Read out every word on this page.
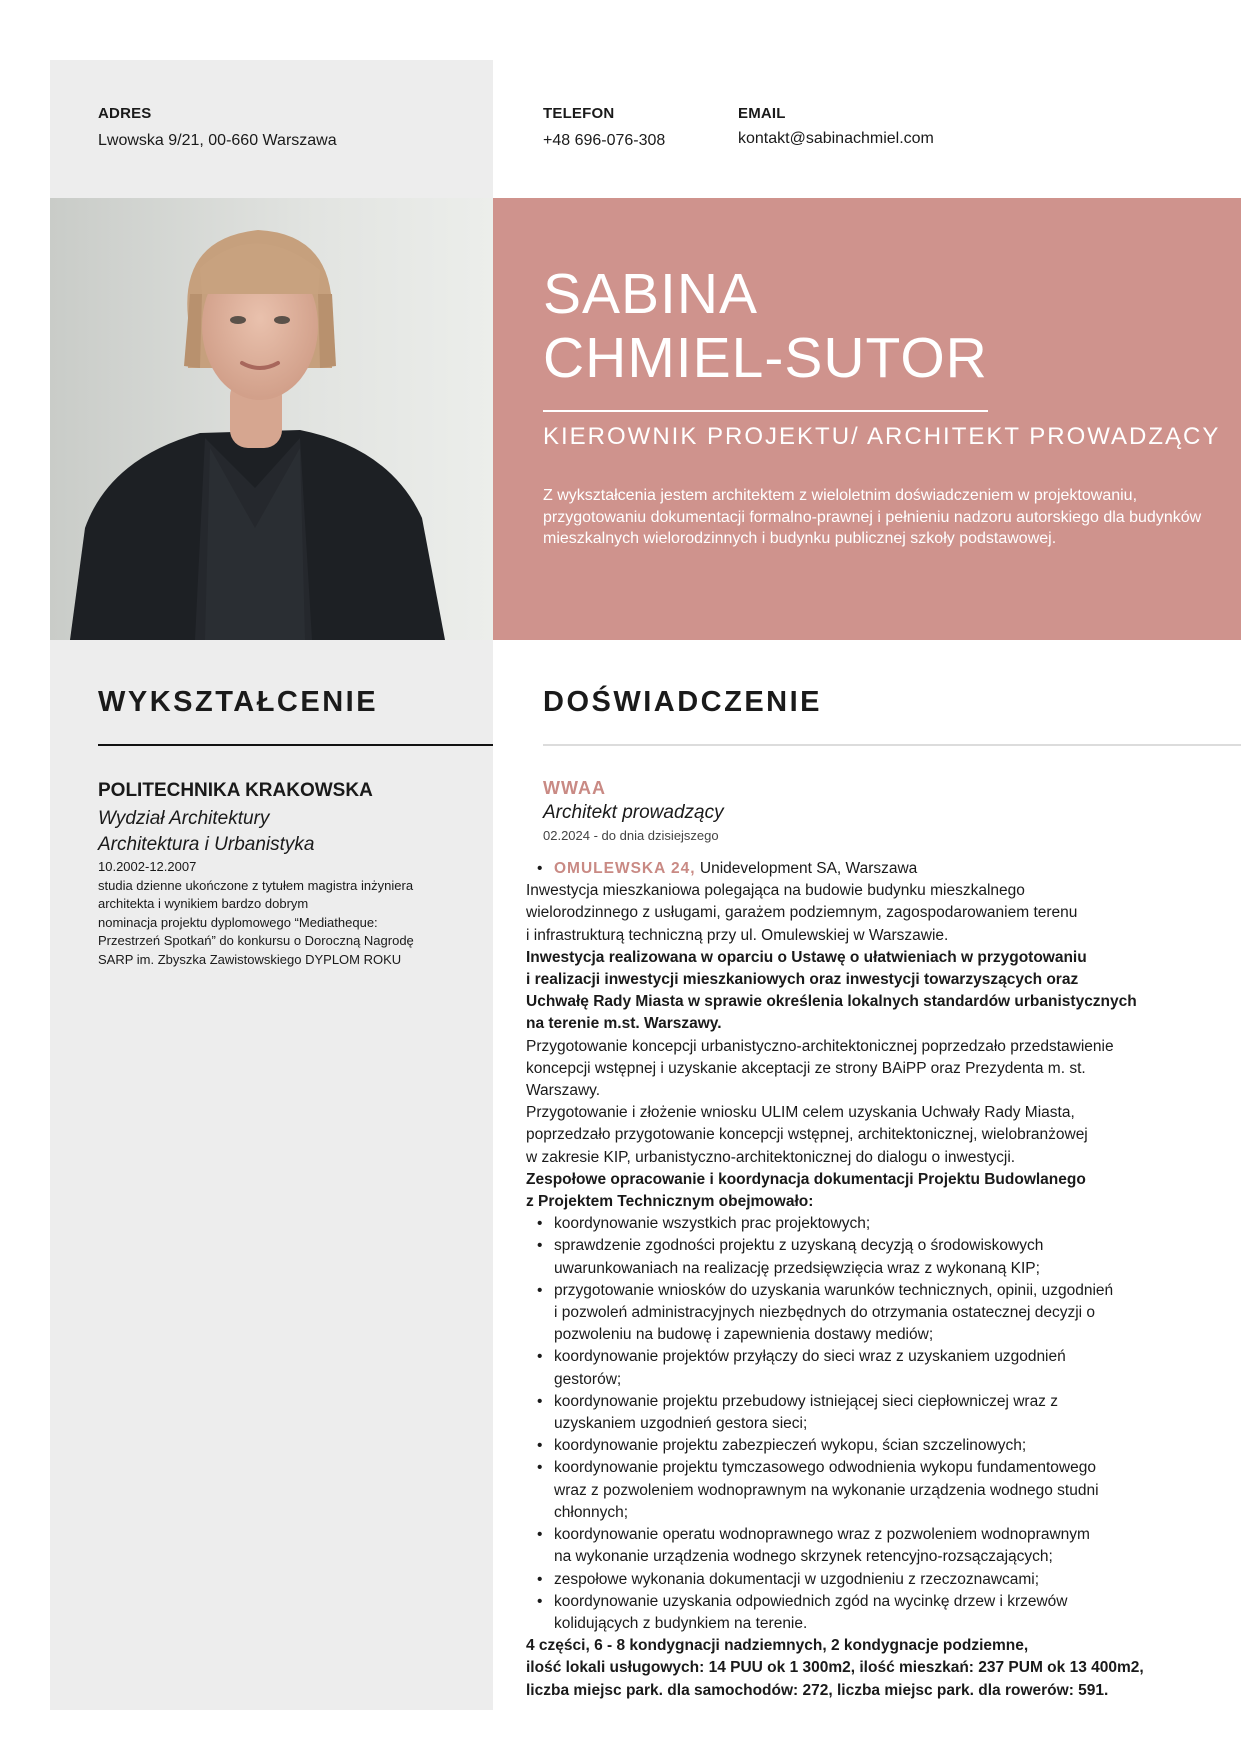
ADRES
Lwowska 9/21, 00-660 Warszawa
TELEFON
+48 696-076-308
EMAIL
kontakt@sabinachmiel.com
SABINA
CHMIEL-SUTOR
KIEROWNIK PROJEKTU/ ARCHITEKT PROWADZĄCY
Z wykształcenia jestem architektem z wieloletnim doświadczeniem w projektowaniu, przygotowaniu dokumentacji formalno-prawnej i pełnieniu nadzoru autorskiego dla budynków mieszkalnych wielorodzinnych i budynku publicznej szkoły podstawowej.
WYKSZTAŁCENIE
POLITECHNIKA KRAKOWSKA
Wydział Architektury
Architektura i Urbanistyka
10.2002-12.2007
studia dzienne ukończone z tytułem magistra inżyniera
architekta i wynikiem bardzo dobrym
nominacja projektu dyplomowego “Mediatheque:
Przestrzeń Spotkań” do konkursu o Doroczną Nagrodę
SARP im. Zbyszka Zawistowskiego DYPLOM ROKU
DOŚWIADCZENIE
WWAA
Architekt prowadzący
02.2024 - do dnia dzisiejszego
• OMULEWSKA 24, Unidevelopment SA, Warszawa

Inwestycja mieszkaniowa polegająca na budowie budynku mieszkalnego

wielorodzinnego z usługami, garażem podziemnym, zagospodarowaniem terenu

i infrastrukturą techniczną przy ul. Omulewskiej w Warszawie.

Inwestycja realizowana w oparciu o Ustawę o ułatwieniach w przygotowaniu

i realizacji inwestycji mieszkaniowych oraz inwestycji towarzyszących oraz

Uchwałę Rady Miasta w sprawie określenia lokalnych standardów urbanistycznych

na terenie m.st. Warszawy.

Przygotowanie koncepcji urbanistyczno-architektonicznej poprzedzało przedstawienie

koncepcji wstępnej i uzyskanie akceptacji ze strony BAiPP oraz Prezydenta m. st.

Warszawy.

Przygotowanie i złożenie wniosku ULIM celem uzyskania Uchwały Rady Miasta,

poprzedzało przygotowanie koncepcji wstępnej, architektonicznej, wielobranżowej

w zakresie KIP, urbanistyczno-architektonicznej do dialogu o inwestycji.

Zespołowe opracowanie i koordynacja dokumentacji Projektu Budowlanego

z Projektem Technicznym obejmowało:

• koordynowanie wszystkich prac projektowych;
• sprawdzenie zgodności projektu z uzyskaną decyzją o środowiskowych
uwarunkowaniach na realizację przedsięwzięcia wraz z wykonaną KIP;
• przygotowanie wniosków do uzyskania warunków technicznych, opinii, uzgodnień
i pozwoleń administracyjnych niezbędnych do otrzymania ostatecznej decyzji o
pozwoleniu na budowę i zapewnienia dostawy mediów;
• koordynowanie projektów przyłączy do sieci wraz z uzyskaniem uzgodnień
gestorów;
• koordynowanie projektu przebudowy istniejącej sieci ciepłowniczej wraz z
uzyskaniem uzgodnień gestora sieci;
• koordynowanie projektu zabezpieczeń wykopu, ścian szczelinowych;
• koordynowanie projektu tymczasowego odwodnienia wykopu fundamentowego
wraz z pozwoleniem wodnoprawnym na wykonanie urządzenia wodnego studni
chłonnych;
• koordynowanie operatu wodnoprawnego wraz z pozwoleniem wodnoprawnym
na wykonanie urządzenia wodnego skrzynek retencyjno-rozsączających;
• zespołowe wykonania dokumentacji w uzgodnieniu z rzeczoznawcami;
• koordynowanie uzyskania odpowiednich zgód na wycinkę drzew i krzewów
kolidujących z budynkiem na terenie.

4 części, 6 - 8 kondygnacji nadziemnych, 2 kondygnacje podziemne,

ilość lokali usługowych: 14 PUU ok 1 300m2, ilość mieszkań: 237 PUM ok 13 400m2,

liczba miejsc park. dla samochodów: 272, liczba miejsc park. dla rowerów: 591.
